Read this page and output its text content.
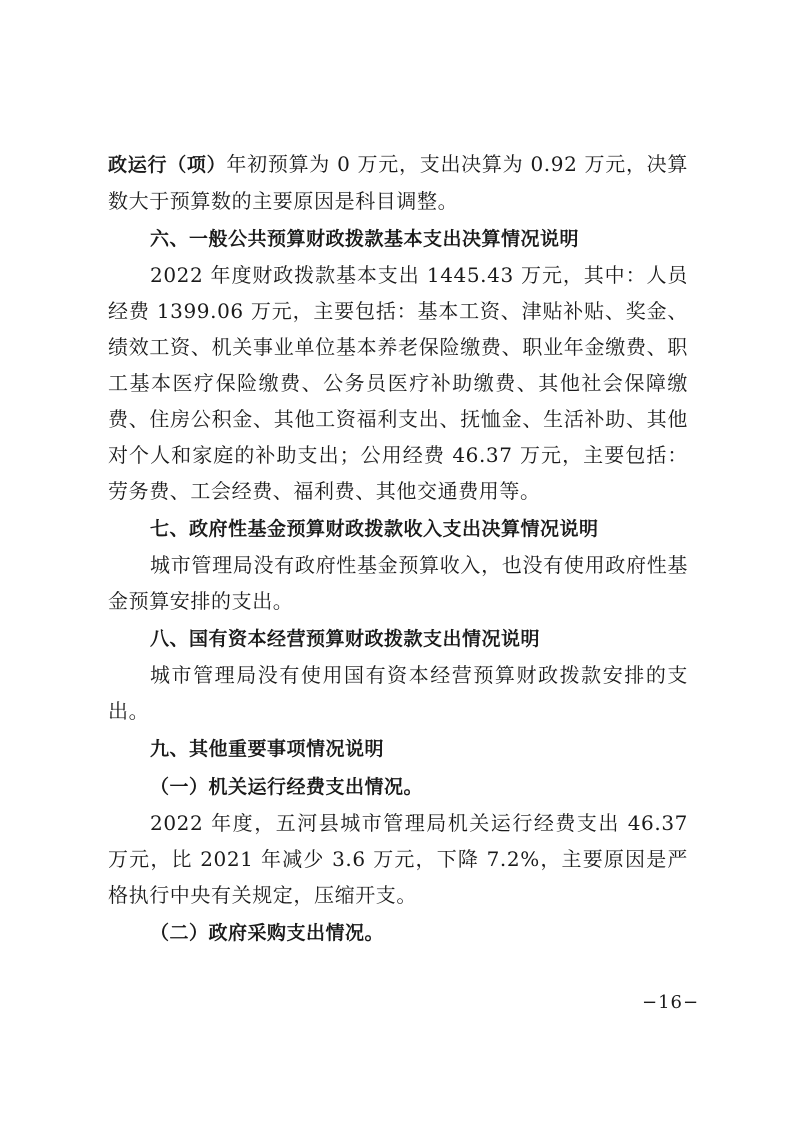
政运行（项）年初预算为 0 万元，支出决算为 0.92 万元，决算数大于预算数的主要原因是科目调整。

六、一般公共预算财政拨款基本支出决算情况说明

2022 年度财政拨款基本支出 1445.43 万元，其中：人员经费 1399.06 万元，主要包括：基本工资、津贴补贴、奖金、绩效工资、机关事业单位基本养老保险缴费、职业年金缴费、职工基本医疗保险缴费、公务员医疗补助缴费、其他社会保障缴费、住房公积金、其他工资福利支出、抚恤金、生活补助、其他对个人和家庭的补助支出；公用经费 46.37 万元，主要包括：劳务费、工会经费、福利费、其他交通费用等。

七、政府性基金预算财政拨款收入支出决算情况说明

城市管理局没有政府性基金预算收入，也没有使用政府性基金预算安排的支出。

八、国有资本经营预算财政拨款支出情况说明

城市管理局没有使用国有资本经营预算财政拨款安排的支出。

九、其他重要事项情况说明

（一）机关运行经费支出情况。

2022 年度，五河县城市管理局机关运行经费支出 46.37 万元，比 2021 年减少 3.6 万元，下降 7.2%，主要原因是严格执行中央有关规定，压缩开支。

（二）政府采购支出情况。

−16−
